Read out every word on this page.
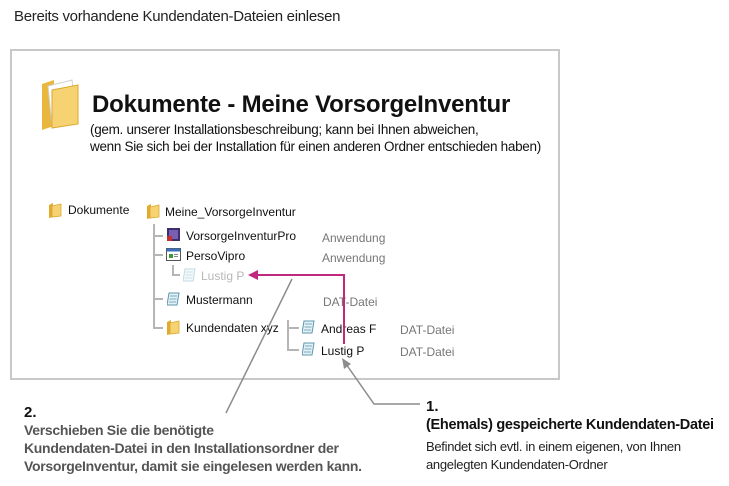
Bereits vorhandene Kundendaten-Dateien einlesen
Dokumente - Meine VorsorgeInventur
(gem. unserer Installationsbeschreibung; kann bei Ihnen abweichen,
wenn Sie sich bei der Installation für einen anderen Ordner entschieden haben)
Dokumente	Meine_VorsorgeInventur
VorsorgeInventurPro Anwendung
PersoVipro	Anwendung
Lustig P
Mustermann	DAT-Datei
Kundendaten xyz	Andreas F DAT-Datei
Lustig P	DAT-Datei
1.
(Ehemals) gespeicherte Kundendaten-Datei
Befindet sich evtl. in einem eigenen, von Ihnen
angelegten Kundendaten-Ordner
2.
Verschieben Sie die benötigte
Kundendaten-Datei in den Installationsordner der
VorsorgeInventur, damit sie eingelesen werden kann.
